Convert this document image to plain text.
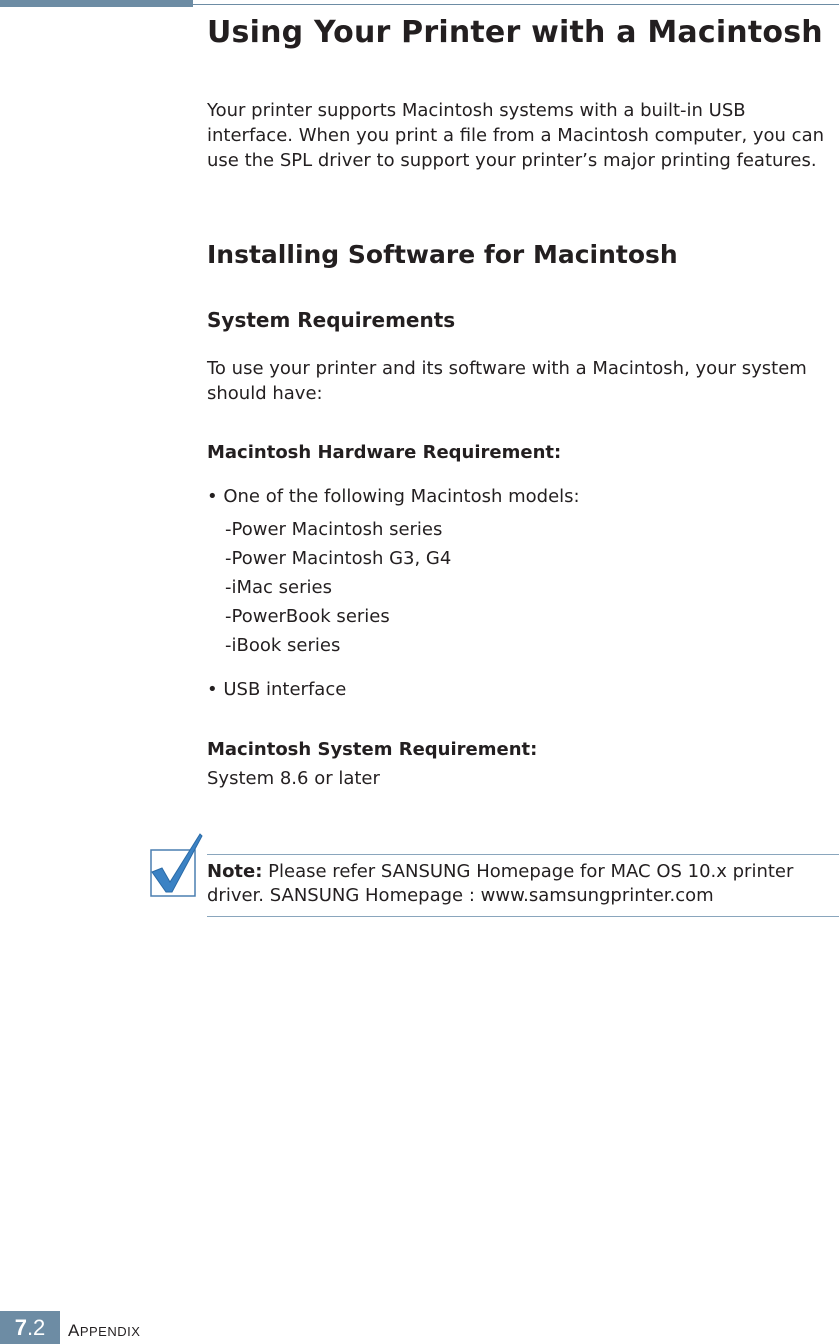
Using Your Printer with a Macintosh

Your printer supports Macintosh systems with a built-in USB interface. When you print a file from a Macintosh computer, you can use the SPL driver to support your printer’s major printing features.

Installing Software for Macintosh
System Requirements

To use your printer and its software with a Macintosh, your system should have:

Macintosh Hardware Requirement:

• One of the following Macintosh models:

-Power Macintosh series
-Power Macintosh G3, G4
-iMac series
-PowerBook series
-iBook series

• USB interface

Macintosh System Requirement:

System 8.6 or later

Note: Please refer SANSUNG Homepage for MAC OS 10.x printer driver. SANSUNG Homepage : www.samsungprinter.com

7.2	APPENDIX
